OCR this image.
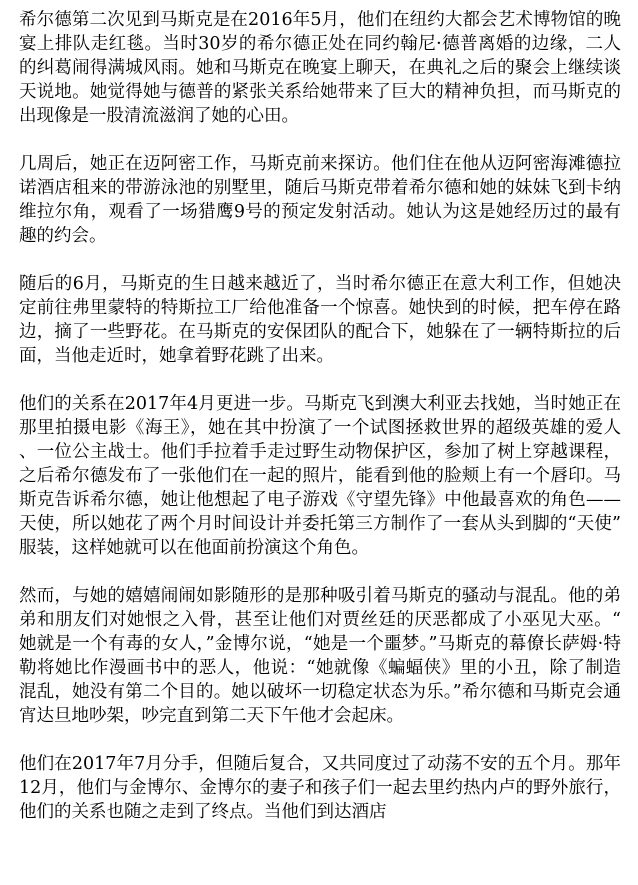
希尔德第二次见到马斯克是在2016年5月，他们在纽约大都会艺术博物馆的晚宴上排队走红毯。当时30岁的希尔德正处在同约翰尼·德普离婚的边缘，二人的纠葛闹得满城风雨。她和马斯克在晚宴上聊天，在典礼之后的聚会上继续谈天说地。她觉得她与德普的紧张关系给她带来了巨大的精神负担，而马斯克的出现像是一股清流滋润了她的心田。

几周后，她正在迈阿密工作，马斯克前来探访。他们住在他从迈阿密海滩德拉诺酒店租来的带游泳池的别墅里，随后马斯克带着希尔德和她的妹妹飞到卡纳维拉尔角，观看了一场猎鹰9号的预定发射活动。她认为这是她经历过的最有趣的约会。

随后的6月，马斯克的生日越来越近了，当时希尔德正在意大利工作，但她决定前往弗里蒙特的特斯拉工厂给他准备一个惊喜。她快到的时候，把车停在路边，摘了一些野花。在马斯克的安保团队的配合下，她躲在了一辆特斯拉的后面，当他走近时，她拿着野花跳了出来。

他们的关系在2017年4月更进一步。马斯克飞到澳大利亚去找她，当时她正在那里拍摄电影《海王》，她在其中扮演了一个试图拯救世界的超级英雄的爱人、一位公主战士。他们手拉着手走过野生动物保护区，参加了树上穿越课程，之后希尔德发布了一张他们在一起的照片，能看到他的脸颊上有一个唇印。马斯克告诉希尔德，她让他想起了电子游戏《守望先锋》中他最喜欢的角色——天使，所以她花了两个月时间设计并委托第三方制作了一套从头到脚的“天使”服装，这样她就可以在他面前扮演这个角色。

然而，与她的嬉嬉闹闹如影随形的是那种吸引着马斯克的骚动与混乱。他的弟弟和朋友们对她恨之入骨，甚至让他们对贾丝廷的厌恶都成了小巫见大巫。“她就是一个有毒的女人，”金博尔说，“她是一个噩梦。”马斯克的幕僚长萨姆·特勒将她比作漫画书中的恶人，他说：“她就像《蝙蝠侠》里的小丑，除了制造混乱，她没有第二个目的。她以破坏一切稳定状态为乐。”希尔德和马斯克会通宵达旦地吵架，吵完直到第二天下午他才会起床。

他们在2017年7月分手，但随后复合，又共同度过了动荡不安的五个月。那年12月，他们与金博尔、金博尔的妻子和孩子们一起去里约热内卢的野外旅行，他们的关系也随之走到了终点。当他们到达酒店
